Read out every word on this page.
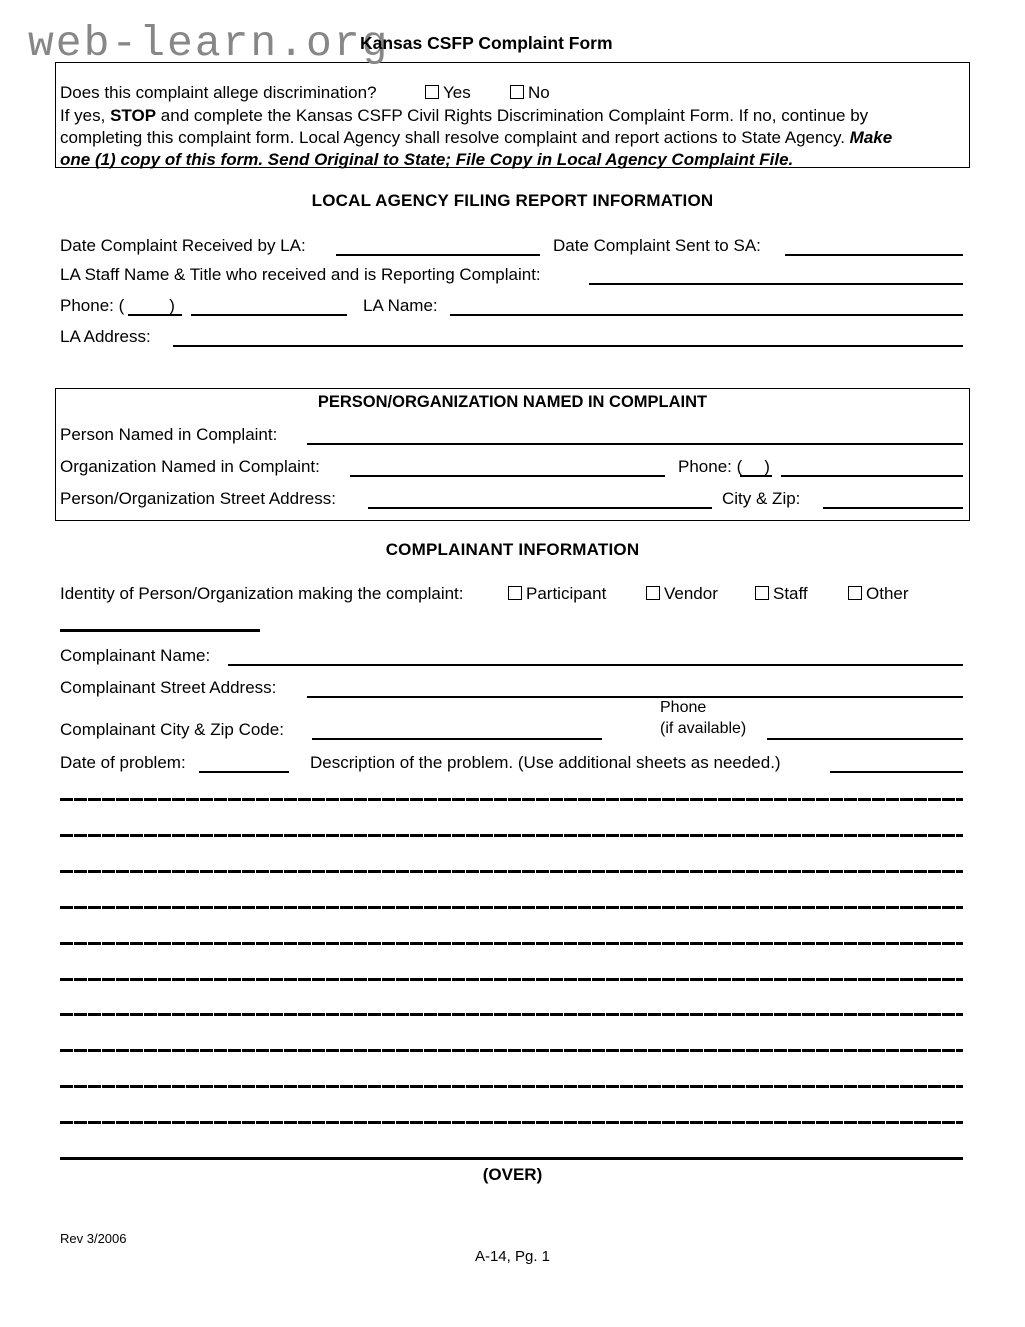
web-learn.org
Kansas CSFP Complaint Form
Does this complaint allege discrimination?	Yes	No
If yes, STOP and complete the Kansas CSFP Civil Rights Discrimination Complaint Form. If no, continue by
completing this complaint form. Local Agency shall resolve complaint and report actions to State Agency. Make
one (1) copy of this form. Send Original to State; File Copy in Local Agency Complaint File.
LOCAL AGENCY FILING REPORT INFORMATION
Date Complaint Received by LA:	Date Complaint Sent to SA:
LA Staff Name & Title who received and is Reporting Complaint:
Phone: (	)	LA Name:
LA Address:
PERSON/ORGANIZATION NAMED IN COMPLAINT
Person Named in Complaint:
Organization Named in Complaint:	Phone: ( )
Person/Organization Street Address:	City & Zip:
COMPLAINANT INFORMATION
Identity of Person/Organization making the complaint:	Participant	Vendor	Staff	Other
Complainant Name:
Complainant Street Address:
Phone
(if available)
Complainant City & Zip Code:
Date of problem:	Description of the problem. (Use additional sheets as needed.)
(OVER)
Rev 3/2006
A-14, Pg. 1
